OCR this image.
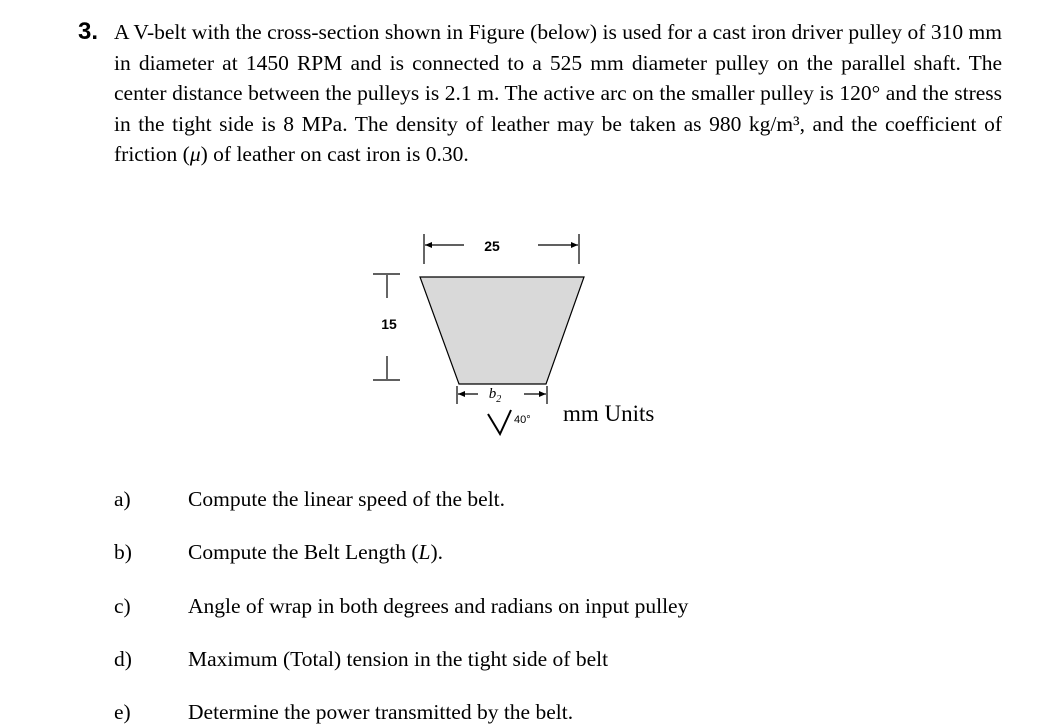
3. A V-belt with the cross-section shown in Figure (below) is used for a cast iron driver pulley of 310 mm in diameter at 1450 RPM and is connected to a 525 mm diameter pulley on the parallel shaft. The center distance between the pulleys is 2.1 m. The active arc on the smaller pulley is 120° and the stress in the tight side is 8 MPa. The density of leather may be taken as 980 kg/m³, and the coefficient of friction (μ) of leather on cast iron is 0.30.
25
15
$b_2$
40° mm Units
a)	Compute the linear speed of the belt.
b)	Compute the Belt Length (L).
c)	Angle of wrap in both degrees and radians on input pulley
d)	Maximum (Total) tension in the tight side of belt
e)	Determine the power transmitted by the belt.
